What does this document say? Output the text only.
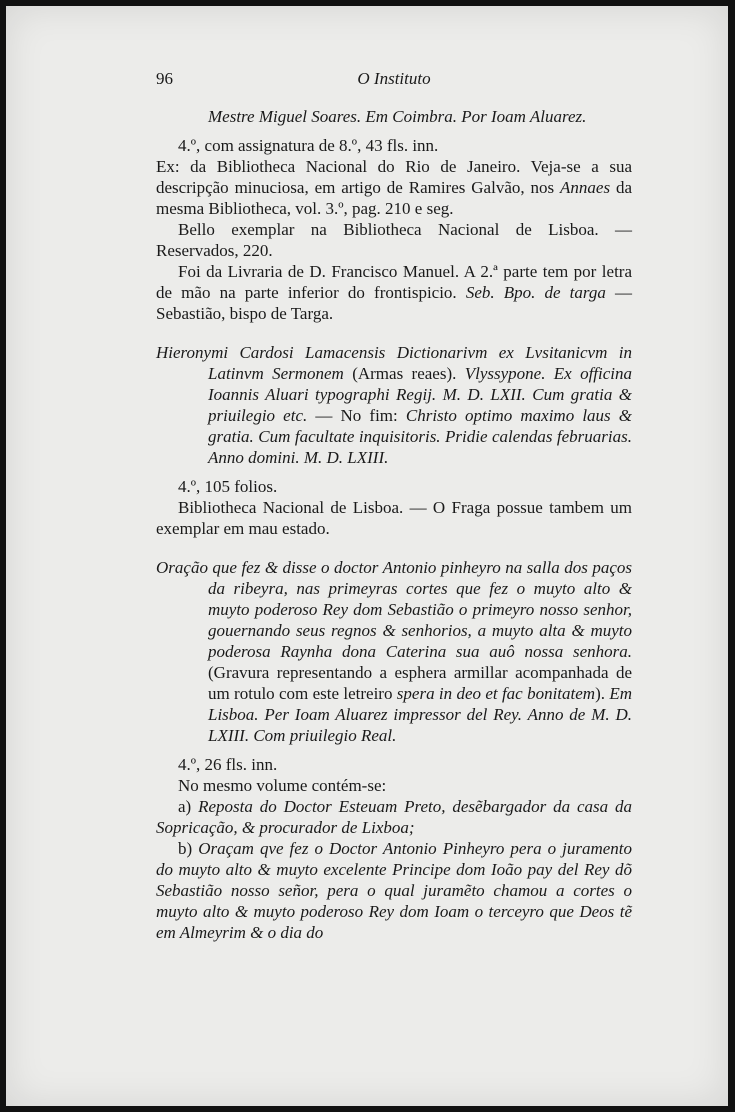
96	O Instituto

Mestre Miguel Soares. Em Coimbra. Por Ioam Aluarez.

4.º, com assignatura de 8.º, 43 fls. inn.

Ex: da Bibliotheca Nacional do Rio de Janeiro. Veja-se a sua descripção minuciosa, em artigo de Ramires Galvão, nos Annaes da mesma Bibliotheca, vol. 3.º, pag. 210 e seg.

Bello exemplar na Bibliotheca Nacional de Lisboa. — Reservados, 220.

Foi da Livraria de D. Francisco Manuel. A 2.ª parte tem por letra de mão na parte inferior do frontispicio. Seb. Bpo. de targa — Sebastião, bispo de Targa.

Hieronymi Cardosi Lamacensis Dictionarivm ex Lvsitanicvm in Latinvm Sermonem (Armas reaes). Vlyssypone. Ex officina Ioannis Aluari typographi Regij. M. D. LXII. Cum gratia & priuilegio etc. — No fim: Christo optimo maximo laus & gratia. Cum facultate inquisitoris. Pridie calendas februarias. Anno domini. M. D. LXIII.

4.º, 105 folios.

Bibliotheca Nacional de Lisboa. — O Fraga possue tambem um exemplar em mau estado.

Oração que fez & disse o doctor Antonio pinheyro na salla dos paços da ribeyra, nas primeyras cortes que fez o muyto alto & muyto poderoso Rey dom Sebastião o primeyro nosso senhor, gouernando seus regnos & senhorios, a muyto alta & muyto poderosa Raynha dona Caterina sua auô nossa senhora. (Gravura representando a esphera armillar acompanhada de um rotulo com este letreiro spera in deo et fac bonitatem). Em Lisboa. Per Ioam Aluarez impressor del Rey. Anno de M. D. LXIII. Com priuilegio Real.

4.º, 26 fls. inn.

No mesmo volume contém-se:

a) Reposta do Doctor Esteuam Preto, desẽbargador da casa da Sopricação, & procurador de Lixboa;

b) Oraçam qve fez o Doctor Antonio Pinheyro pera o juramento do muyto alto & muyto excelente Principe dom Ioão pay del Rey dõ Sebastião nosso señor, pera o qual juramẽto chamou a cortes o muyto alto & muyto poderoso Rey dom Ioam o terceyro que Deos tẽ em Almeyrim & o dia do
